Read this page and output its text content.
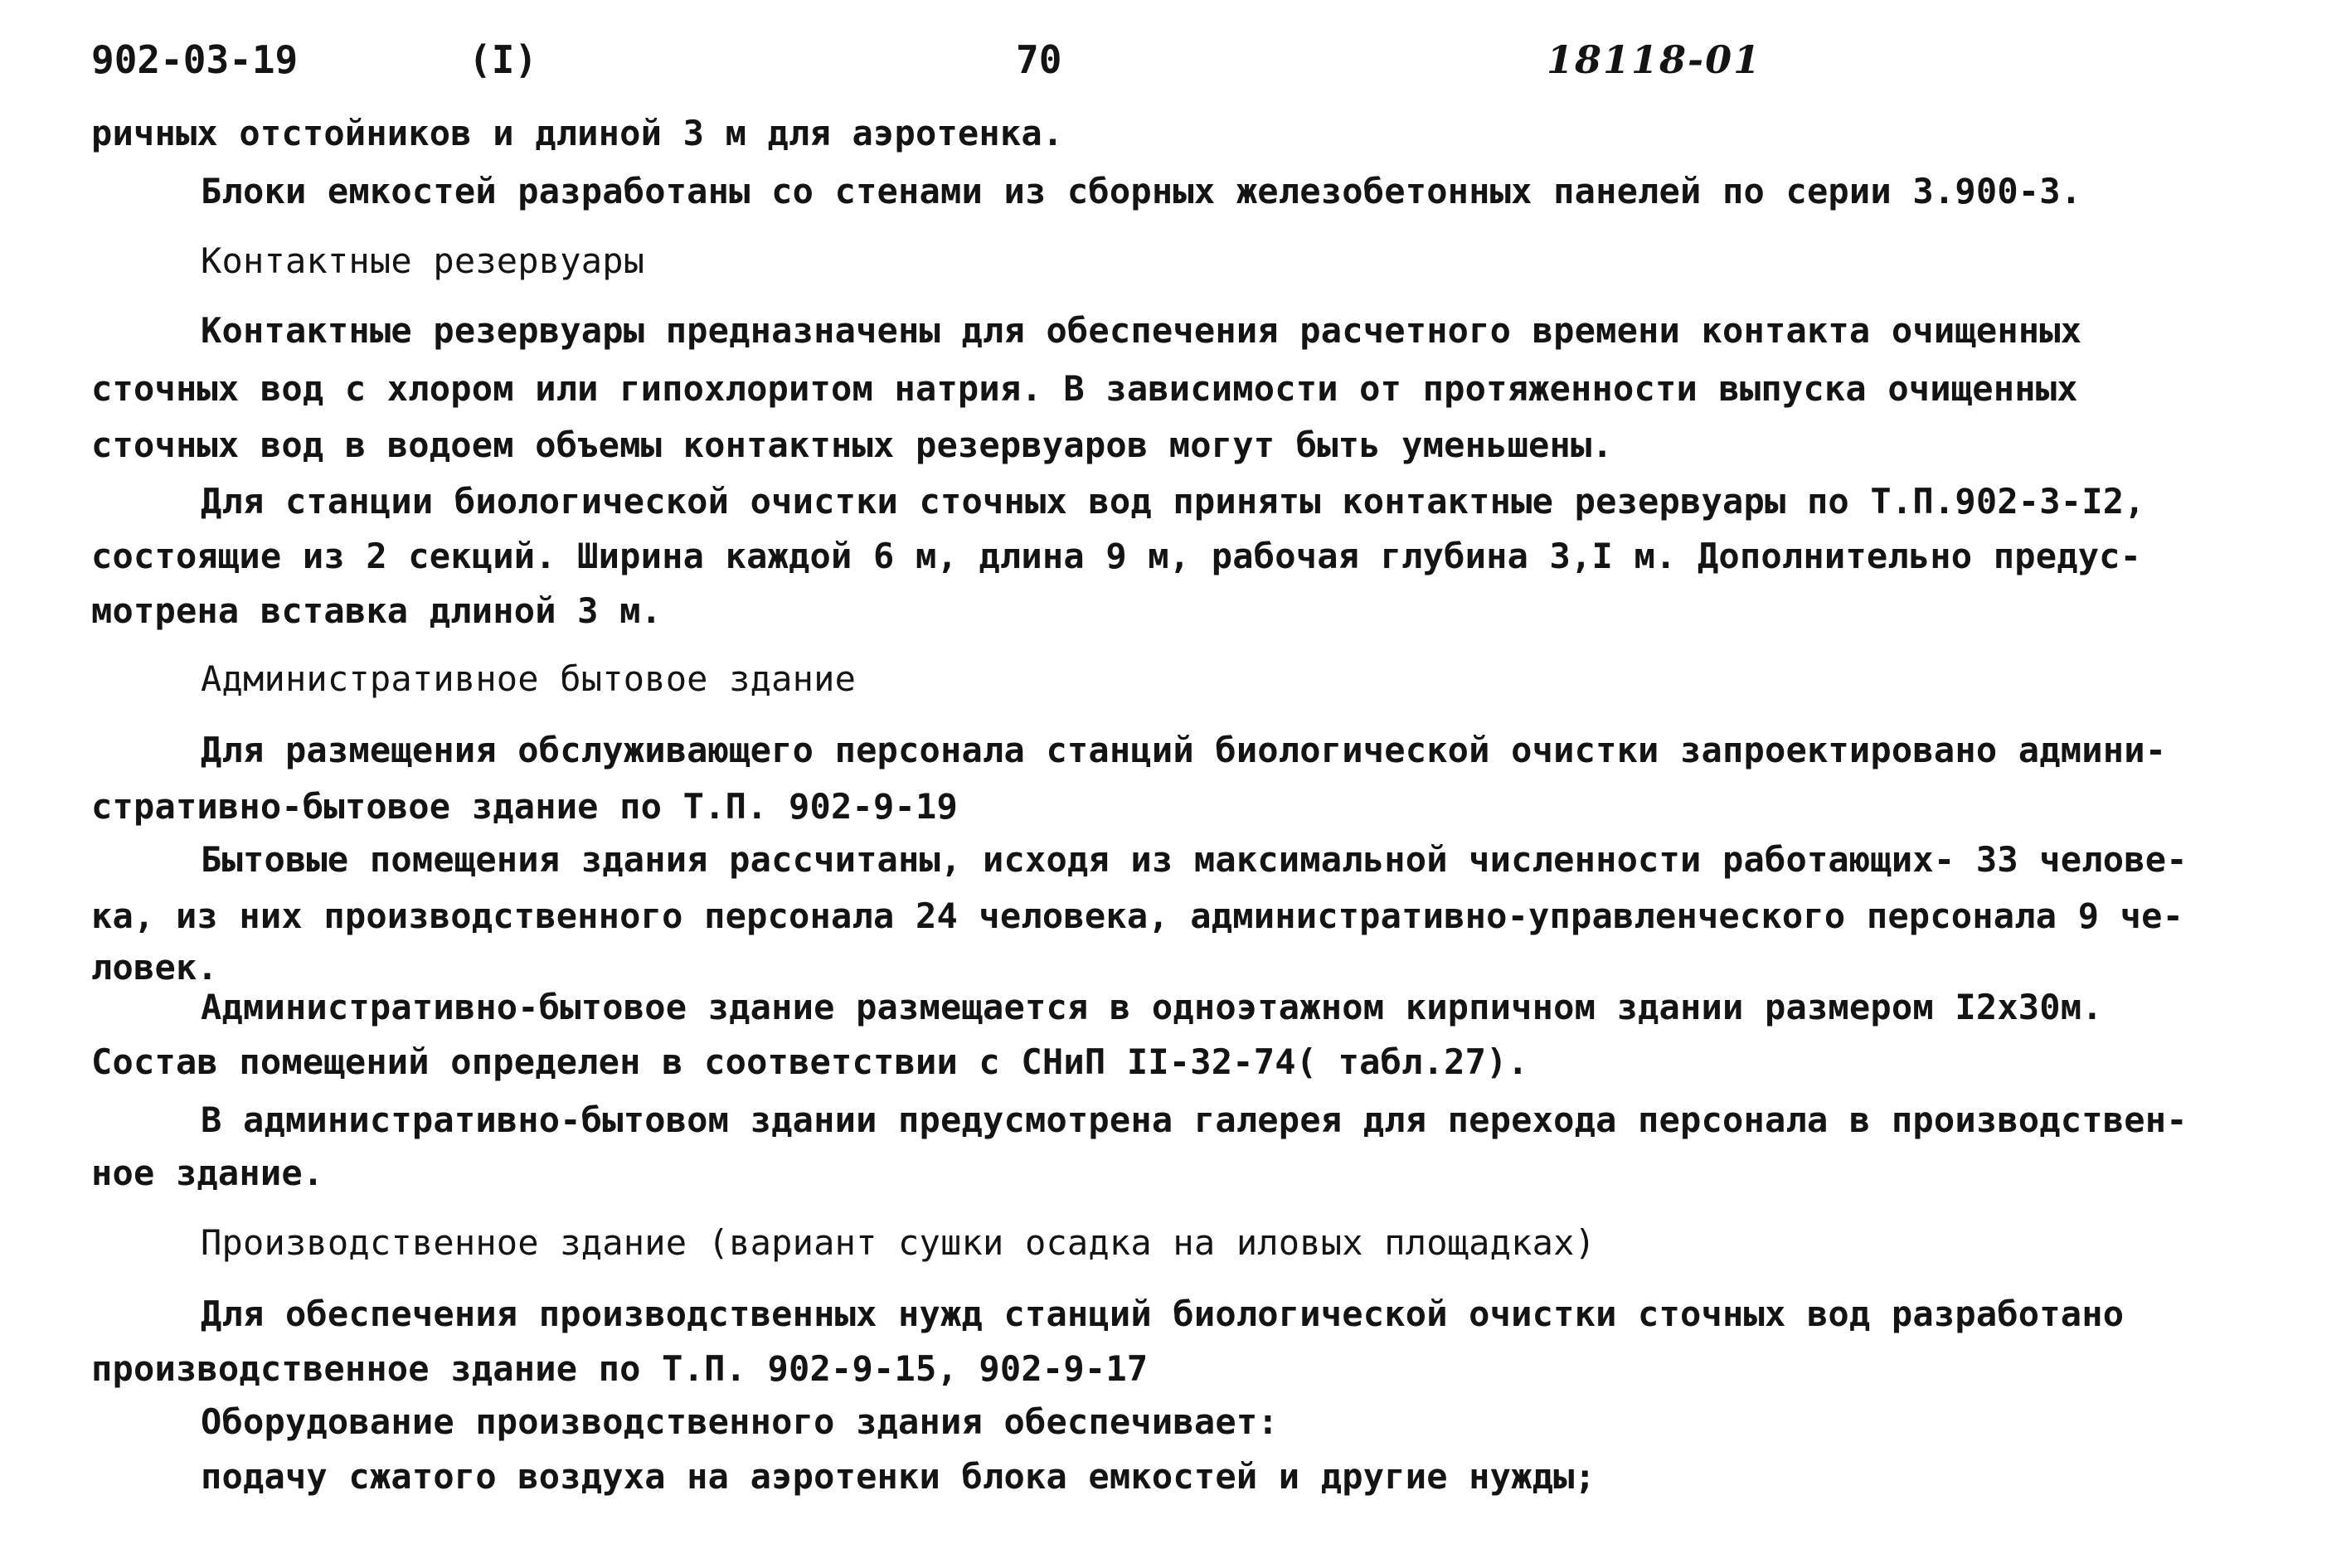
902-03-19	(I)	70	18118-01
ричных отстойников и длиной 3 м для аэротенка.
Блоки емкостей разработаны со стенами из сборных железобетонных панелей по серии 3.900-3.
Контактные резервуары
Контактные резервуары предназначены для обеспечения расчетного времени контакта очищенных
сточных вод с хлором или гипохлоритом натрия. В зависимости от протяженности выпуска очищенных
сточных вод в водоем объемы контактных резервуаров могут быть уменьшены.
Для станции биологической очистки сточных вод приняты контактные резервуары по Т.П.902-3-I2,
состоящие из 2 секций. Ширина каждой 6 м, длина 9 м, рабочая глубина 3,I м. Дополнительно предус-
мотрена вставка длиной 3 м.
Административное бытовое здание
Для размещения обслуживающего персонала станций биологической очистки запроектировано админи-
стративно-бытовое здание по Т.П. 902-9-19
Бытовые помещения здания рассчитаны, исходя из максимальной численности работающих- 33 челове-
ка, из них производственного персонала 24 человека, административно-управленческого персонала 9 че-
ловек.
Административно-бытовое здание размещается в одноэтажном кирпичном здании размером I2х30м.
Состав помещений определен в соответствии с СНиП II-32-74( табл.27).
В административно-бытовом здании предусмотрена галерея для перехода персонала в производствен-
ное здание.
Производственное здание (вариант сушки осадка на иловых площадках)
Для обеспечения производственных нужд станций биологической очистки сточных вод разработано
производственное здание по Т.П. 902-9-15, 902-9-17
Оборудование производственного здания обеспечивает:
подачу сжатого воздуха на аэротенки блока емкостей и другие нужды;
